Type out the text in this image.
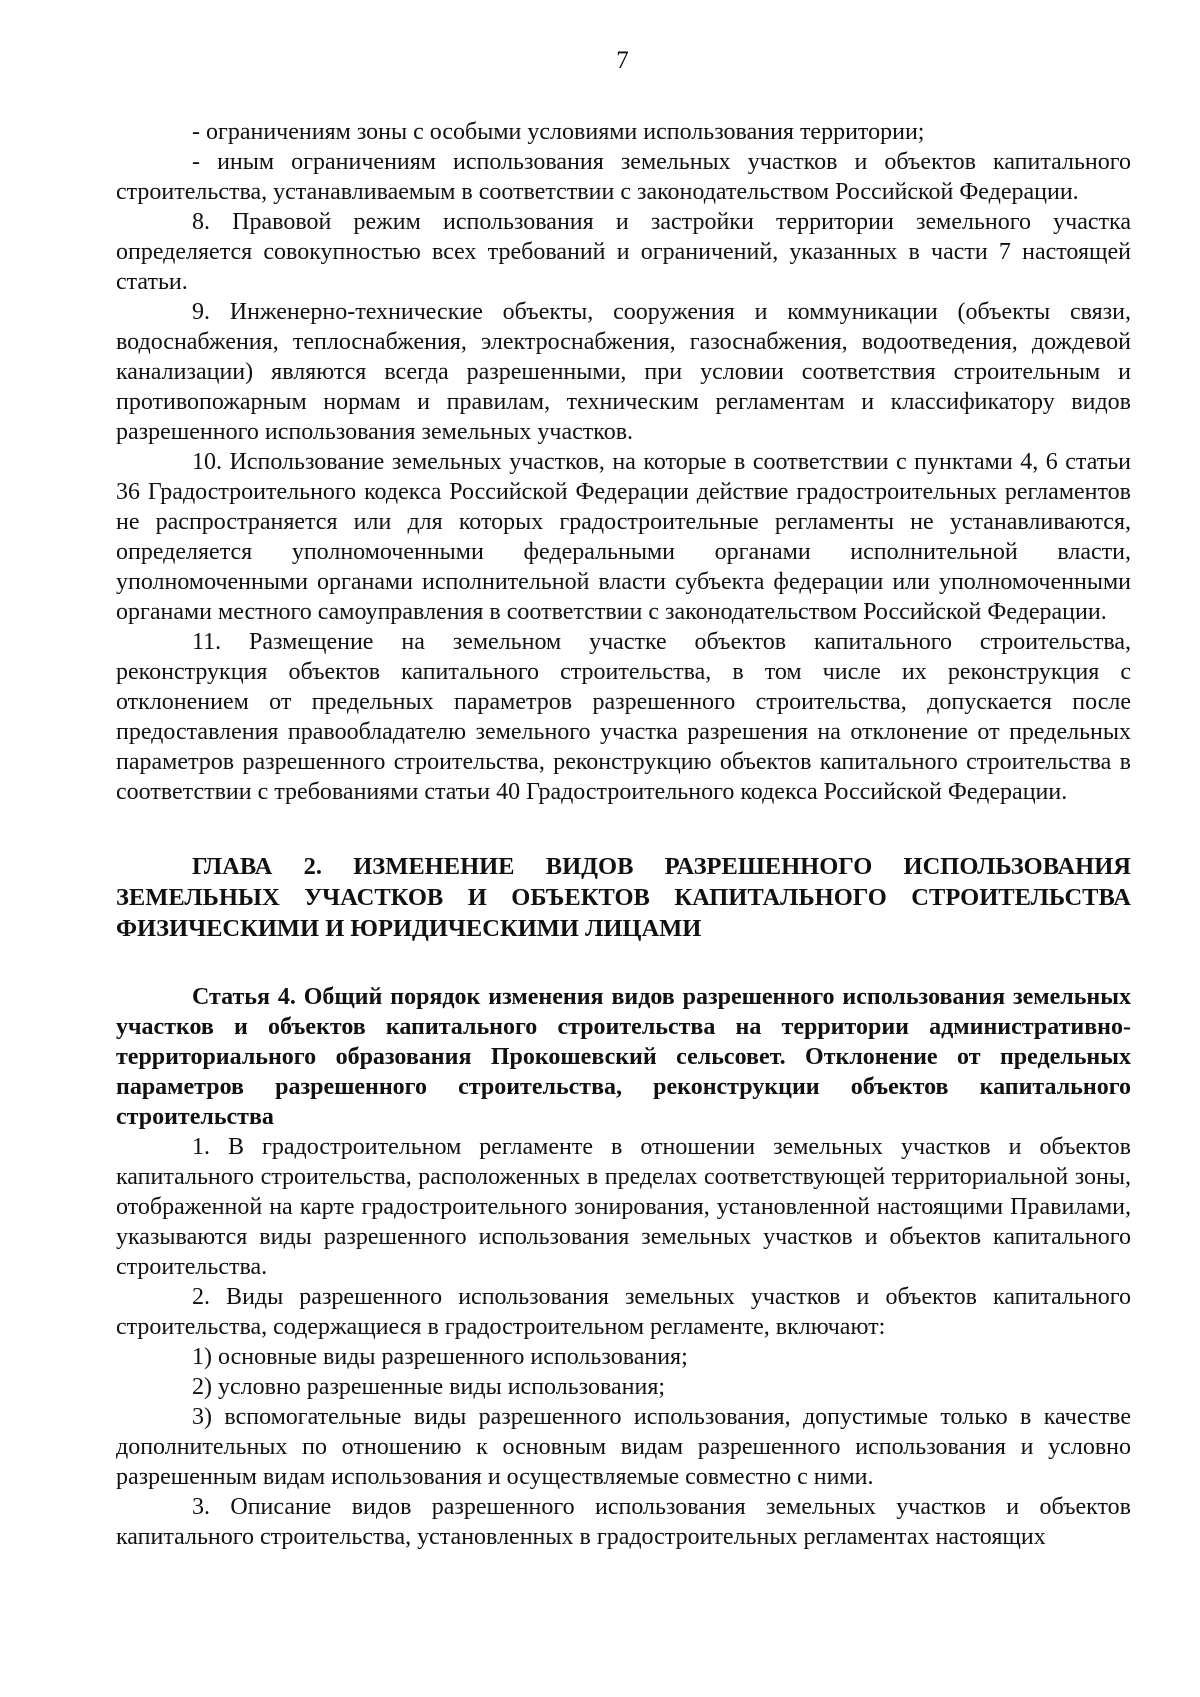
7

- ограничениям зоны с особыми условиями использования территории;

- иным ограничениям использования земельных участков и объектов капитального строительства, устанавливаемым в соответствии с законодательством Российской Федерации.

8. Правовой режим использования и застройки территории земельного участка определяется совокупностью всех требований и ограничений, указанных в части 7 настоящей статьи.

9. Инженерно-технические объекты, сооружения и коммуникации (объекты связи, водоснабжения, теплоснабжения, электроснабжения, газоснабжения, водоотведения, дождевой канализации) являются всегда разрешенными, при условии соответствия строительным и противопожарным нормам и правилам, техническим регламентам и классификатору видов разрешенного использования земельных участков.

10. Использование земельных участков, на которые в соответствии с пунктами 4, 6 статьи 36 Градостроительного кодекса Российской Федерации действие градостроительных регламентов не распространяется или для которых градостроительные регламенты не устанавливаются, определяется уполномоченными федеральными органами исполнительной власти, уполномоченными органами исполнительной власти субъекта федерации или уполномоченными органами местного самоуправления в соответствии с законодательством Российской Федерации.

11. Размещение на земельном участке объектов капитального строительства, реконструкция объектов капитального строительства, в том числе их реконструкция с отклонением от предельных параметров разрешенного строительства, допускается после предоставления правообладателю земельного участка разрешения на отклонение от предельных параметров разрешенного строительства, реконструкцию объектов капитального строительства в соответствии с требованиями статьи 40 Градостроительного кодекса Российской Федерации.

ГЛАВА 2. ИЗМЕНЕНИЕ ВИДОВ РАЗРЕШЕННОГО ИСПОЛЬЗОВАНИЯ ЗЕМЕЛЬНЫХ УЧАСТКОВ И ОБЪЕКТОВ КАПИТАЛЬНОГО СТРОИТЕЛЬСТВА ФИЗИЧЕСКИМИ И ЮРИДИЧЕСКИМИ ЛИЦАМИ

Статья 4. Общий порядок изменения видов разрешенного использования земельных участков и объектов капитального строительства на территории административно-территориального образования Прокошевский сельсовет. Отклонение от предельных параметров разрешенного строительства, реконструкции объектов капитального строительства

1. В градостроительном регламенте в отношении земельных участков и объектов капитального строительства, расположенных в пределах соответствующей территориальной зоны, отображенной на карте градостроительного зонирования, установленной настоящими Правилами, указываются виды разрешенного использования земельных участков и объектов капитального строительства.

2. Виды разрешенного использования земельных участков и объектов капитального строительства, содержащиеся в градостроительном регламенте, включают:

1) основные виды разрешенного использования;

2) условно разрешенные виды использования;

3) вспомогательные виды разрешенного использования, допустимые только в качестве дополнительных по отношению к основным видам разрешенного использования и условно разрешенным видам использования и осуществляемые совместно с ними.

3. Описание видов разрешенного использования земельных участков и объектов капитального строительства, установленных в градостроительных регламентах настоящих
